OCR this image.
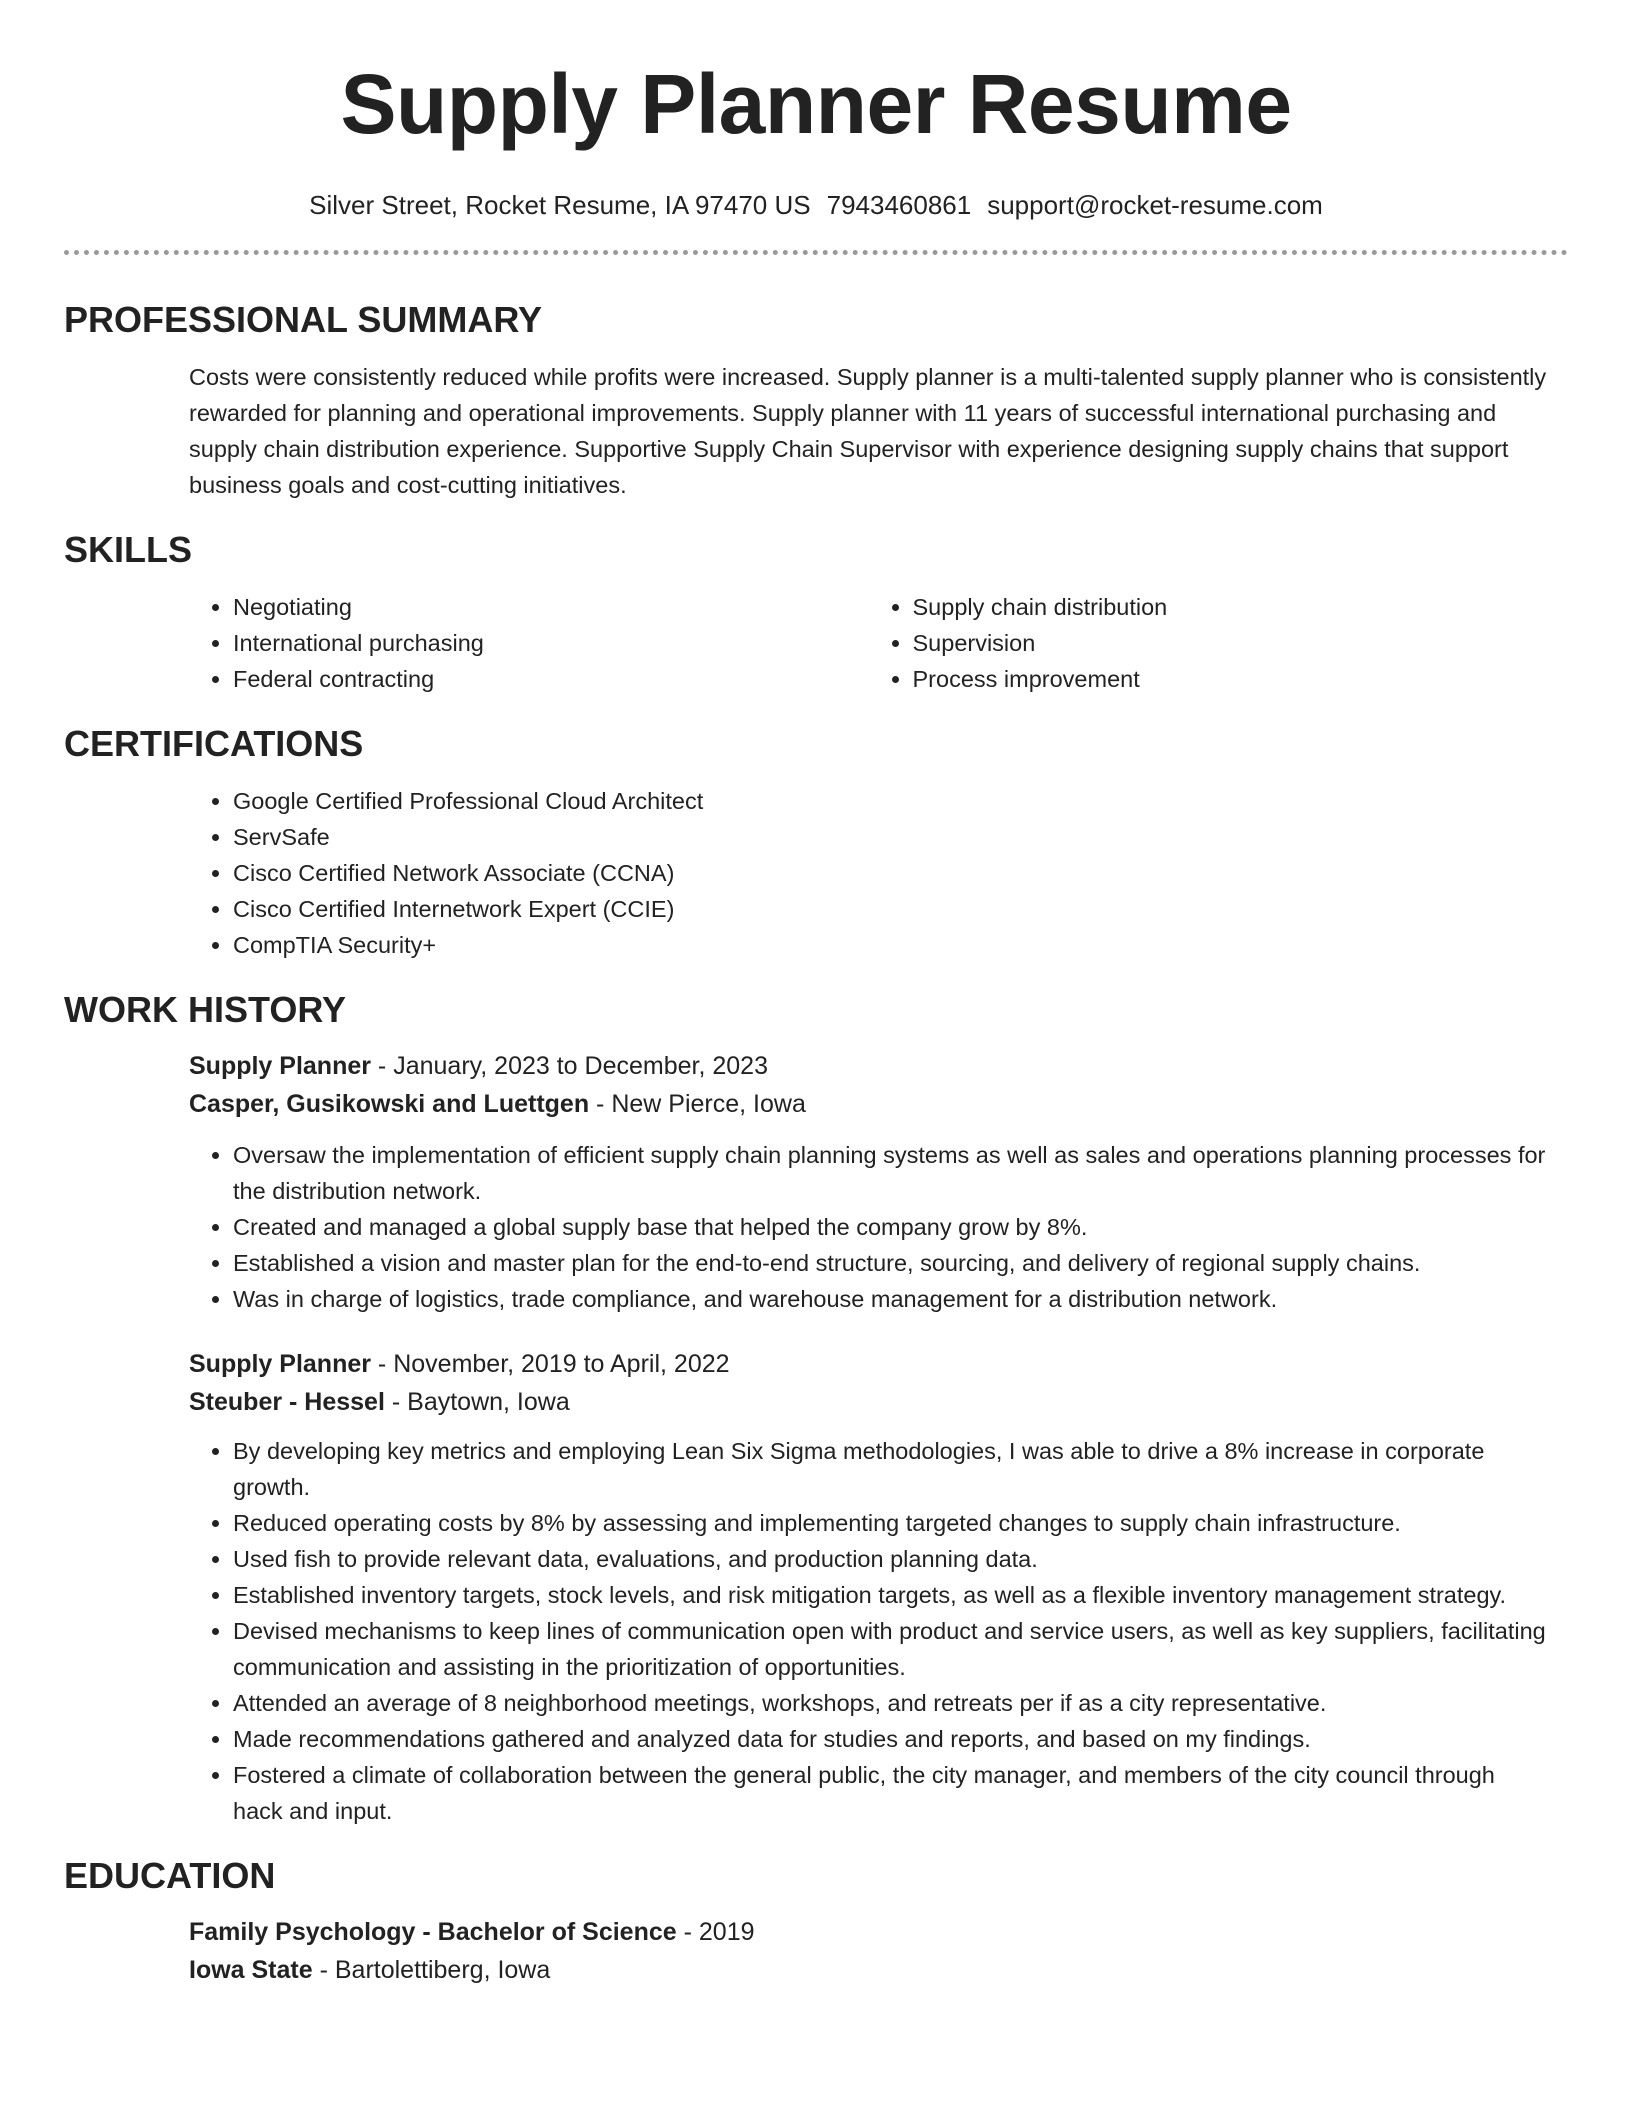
Supply Planner Resume
Silver Street, Rocket Resume, IA 97470 US 7943460861 support@rocket-resume.com
PROFESSIONAL SUMMARY

Costs were consistently reduced while profits were increased. Supply planner is a multi-talented supply planner who is consistently rewarded for planning and operational improvements. Supply planner with 11 years of successful international purchasing and supply chain distribution experience. Supportive Supply Chain Supervisor with experience designing supply chains that support business goals and cost-cutting initiatives.

SKILLS
• Negotiating
• International purchasing
• Federal contracting
• Supply chain distribution
• Supervision
• Process improvement
CERTIFICATIONS
• Google Certified Professional Cloud Architect
• ServSafe
• Cisco Certified Network Associate (CCNA)
• Cisco Certified Internetwork Expert (CCIE)
• CompTIA Security+
WORK HISTORY
Supply Planner - January, 2023 to December, 2023
Casper, Gusikowski and Luettgen - New Pierce, Iowa
• Oversaw the implementation of efficient supply chain planning systems as well as sales and operations planning processes for the distribution network.
• Created and managed a global supply base that helped the company grow by 8%.
• Established a vision and master plan for the end-to-end structure, sourcing, and delivery of regional supply chains.
• Was in charge of logistics, trade compliance, and warehouse management for a distribution network.
Supply Planner - November, 2019 to April, 2022
Steuber - Hessel - Baytown, Iowa
• By developing key metrics and employing Lean Six Sigma methodologies, I was able to drive a 8% increase in corporate growth.
• Reduced operating costs by 8% by assessing and implementing targeted changes to supply chain infrastructure.
• Used fish to provide relevant data, evaluations, and production planning data.
• Established inventory targets, stock levels, and risk mitigation targets, as well as a flexible inventory management strategy.
• Devised mechanisms to keep lines of communication open with product and service users, as well as key suppliers, facilitating communication and assisting in the prioritization of opportunities.
• Attended an average of 8 neighborhood meetings, workshops, and retreats per if as a city representative.
• Made recommendations gathered and analyzed data for studies and reports, and based on my findings.
• Fostered a climate of collaboration between the general public, the city manager, and members of the city council through hack and input.
EDUCATION
Family Psychology - Bachelor of Science - 2019
Iowa State - Bartolettiberg, Iowa
